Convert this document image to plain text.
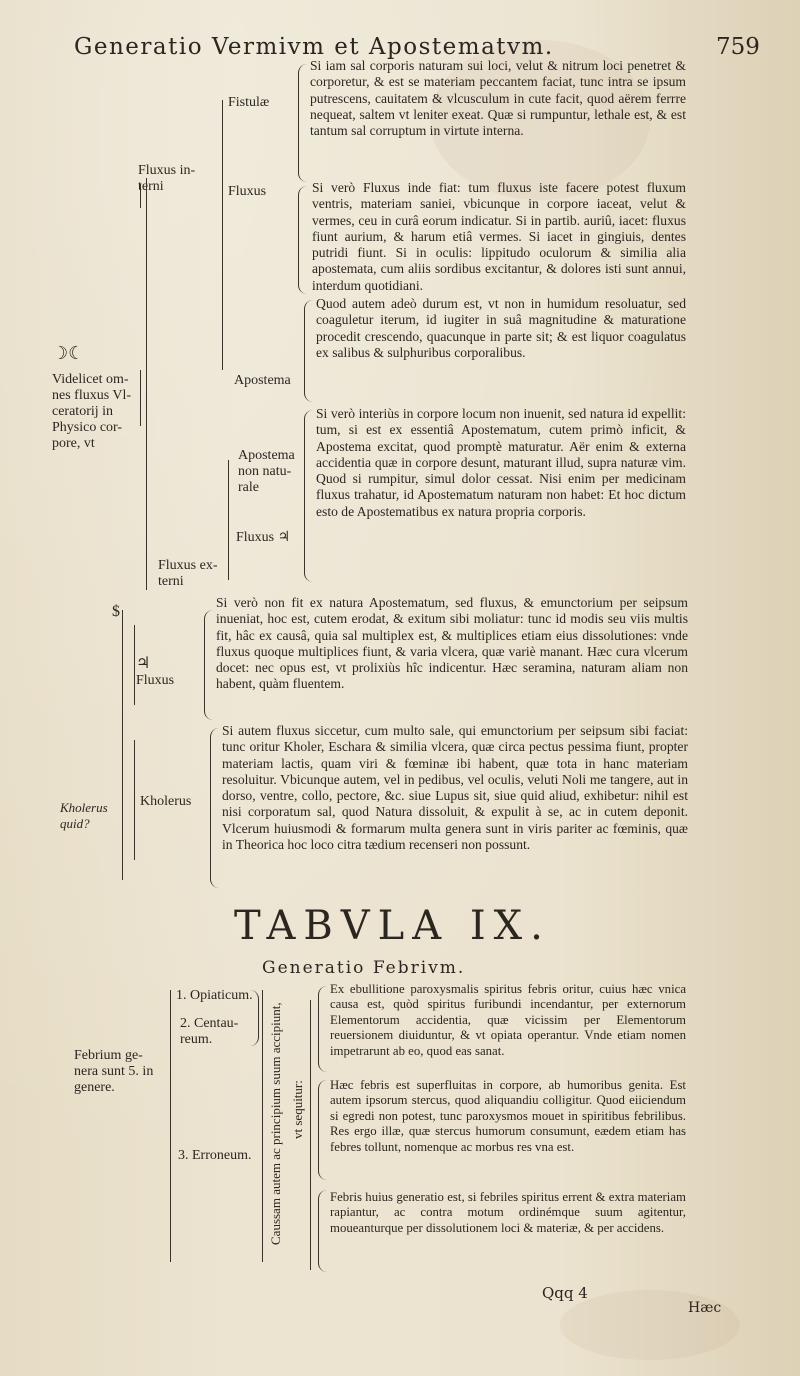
Generatio Vermivm et Apostematvm.	759
☽☾
Videlicet om- nes fluxus Vl- ceratorij in Physico cor- pore, vt
Fluxus in- terni
Fluxus ex- terni
Kholerus quid?
Fistulæ
Fluxus
Apostema
Apostema non natu- rale
Fluxus ♃
$
♃
Fluxus
Kholerus
Si iam sal corporis naturam sui loci, velut & nitrum loci penetret & corporetur, & est se materiam peccantem faciat, tunc intra se ipsum putrescens, cauitatem & vlcusculum in cute facit, quod aërem ferrre nequeat, saltem vt leniter exeat. Quæ si rumpuntur, lethale est, & est tantum sal corruptum in virtute interna.
Si verò Fluxus inde fiat: tum fluxus iste facere potest fluxum ventris, materiam saniei, vbicunque in corpore iaceat, velut & vermes, ceu in curâ eorum indicatur. Si in partib. auriû, iacet: fluxus fiunt aurium, & harum etiâ vermes. Si iacet in gingiuis, dentes putridi fiunt. Si in oculis: lippitudo oculorum & similia alia apostemata, cum aliis sordibus excitantur, & dolores isti sunt annui, interdum quotidiani.
Quod autem adeò durum est, vt non in humidum resoluatur, sed coaguletur iterum, id iugiter in suâ magnitudine & maturatione procedit crescendo, quacunque in parte sit; & est liquor coagulatus ex salibus & sulphuribus corporalibus.
Si verò interiùs in corpore locum non inuenit, sed natura id expellit: tum, si est ex essentiâ Apostematum, cutem primò inficit, & Apostema excitat, quod promptè maturatur. Aër enim & externa accidentia quæ in corpore desunt, maturant illud, supra naturæ vim. Quod si rumpitur, simul dolor cessat. Nisi enim per medicinam fluxus trahatur, id Apostematum naturam non habet: Et hoc dictum esto de Apostematibus ex natura propria corporis.
Si verò non fit ex natura Apostematum, sed fluxus, & emunctorium per seipsum inueniat, hoc est, cutem erodat, & exitum sibi moliatur: tunc id modis seu viis multis fit, hâc ex causâ, quia sal multiplex est, & multiplices etiam eius dissolutiones: vnde fluxus quoque multiplices fiunt, & varia vlcera, quæ variè manant. Hæc cura vlcerum docet: nec opus est, vt prolixiùs hîc indicentur. Hæc seramina, naturam aliam non habent, quàm fluentem.
Si autem fluxus siccetur, cum multo sale, qui emunctorium per seipsum sibi faciat: tunc oritur Kholer, Eschara & similia vlcera, quæ circa pectus pessima fiunt, propter materiam lactis, quam viri & fœminæ ibi habent, quæ tota in hanc materiam resoluitur. Vbicunque autem, vel in pedibus, vel oculis, veluti Noli me tangere, aut in dorso, ventre, collo, pectore, &c. siue Lupus sit, siue quid aliud, exhibetur: nihil est nisi corporatum sal, quod Natura dissoluit, & expulit à se, ac in cutem deponit. Vlcerum huiusmodi & formarum multa genera sunt in viris pariter ac fœminis, quæ in Theorica hoc loco citra tædium recenseri non possunt.
TABVLA IX.
Generatio Febrivm.
Febrium ge- nera sunt 5. in genere.
1. Opiaticum.
2. Centau- reum.
3. Erroneum. Caussam autem ac principium suum accipiunt, vt sequitur:
Ex ebullitione paroxysmalis spiritus febris oritur, cuius hæc vnica causa est, quòd spiritus furibundi incendantur, per externorum Elementorum accidentia, quæ vicissim per Elementorum reuersionem diuiduntur, & vt opiata operantur. Vnde etiam nomen impetrarunt ab eo, quod eas sanat.
Hæc febris est superfluitas in corpore, ab humoribus genita. Est autem ipsorum stercus, quod aliquandiu colligitur. Quod eiiciendum si egredi non potest, tunc paroxysmos mouet in spiritibus febrilibus. Res ergo illæ, quæ stercus humorum consumunt, eædem etiam has febres tollunt, nomenque ac morbus res vna est.
Febris huius generatio est, si febriles spiritus errent & extra materiam rapiantur, ac contra motum ordinémque suum agitentur, moueanturque per dissolutionem loci & materiæ, & per accidens.
Qqq 4
Hæc
